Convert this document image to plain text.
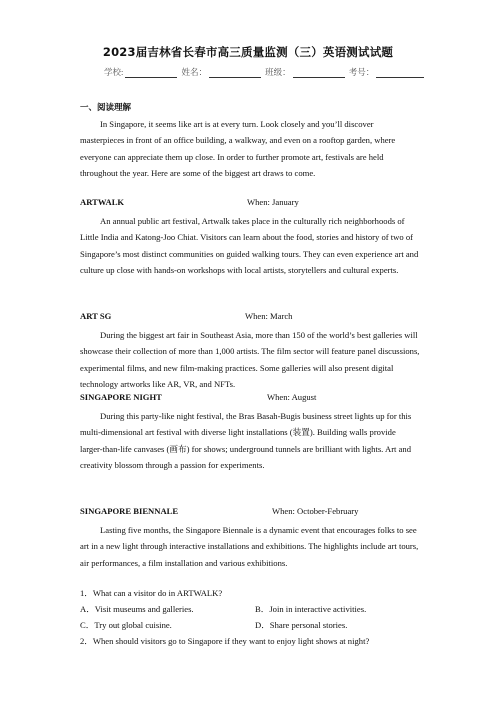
2023届吉林省长春市高三质量监测（三）英语测试试题
学校:	姓名：	班级：	考号：
一、阅读理解
In Singapore, it seems like art is at every turn. Look closely and you’ll discover masterpieces in front of an office building, a walkway, and even on a rooftop garden, where everyone can appreciate them up close. In order to further promote art, festivals are held throughout the year. Here are some of the biggest art draws to come.
ARTWALK	When: January
An annual public art festival, Artwalk takes place in the culturally rich neighborhoods of Little India and Katong-Joo Chiat. Visitors can learn about the food, stories and history of two of Singapore’s most distinct communities on guided walking tours. They can even experience art and culture up close with hands-on workshops with local artists, storytellers and cultural experts.
ART SG	When: March
During the biggest art fair in Southeast Asia, more than 150 of the world’s best galleries will showcase their collection of more than 1,000 artists. The film sector will feature panel discussions, experimental films, and new film-making practices. Some galleries will also present digital technology artworks like AR, VR, and NFTs.
SINGAPORE NIGHT	When: August
During this party-like night festival, the Bras Basah-Bugis business street lights up for this multi-dimensional art festival with diverse light installations (装置). Building walls provide larger-than-life canvases (画布) for shows; underground tunnels are brilliant with lights. Art and creativity blossom through a passion for experiments.
SINGAPORE BIENNALE	When: October-February
Lasting five months, the Singapore Biennale is a dynamic event that encourages folks to see art in a new light through interactive installations and exhibitions. The highlights include art tours, air performances, a film installation and various exhibitions.
1．What can a visitor do in ARTWALK?
A．Visit museums and galleries.	B．Join in interactive activities.
C．Try out global cuisine.	D．Share personal stories.
2．When should visitors go to Singapore if they want to enjoy light shows at night?
